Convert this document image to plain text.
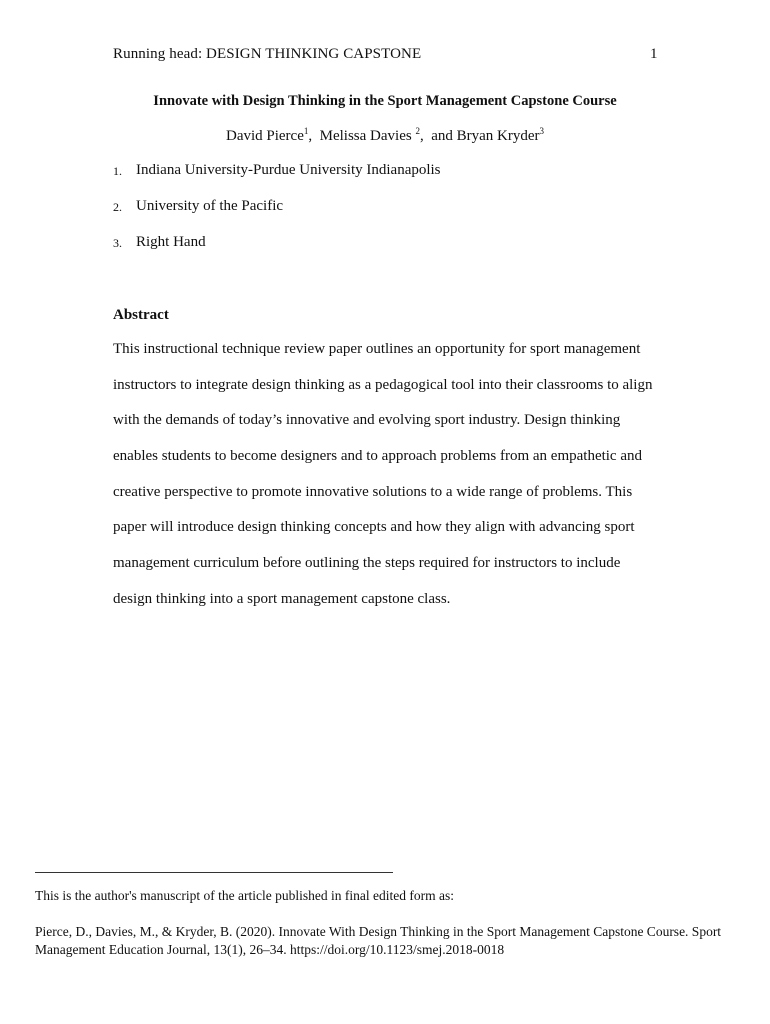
Running head: DESIGN THINKING CAPSTONE	1
Innovate with Design Thinking in the Sport Management Capstone Course
David Pierce$^1$,  Melissa Davies $^2$,  and Bryan Kryder$^3$
1. Indiana University-Purdue University Indianapolis
2. University of the Pacific
3. Right Hand
Abstract
This instructional technique review paper outlines an opportunity for sport management
instructors to integrate design thinking as a pedagogical tool into their classrooms to align
with the demands of today’s innovative and evolving sport industry. Design thinking
enables students to become designers and to approach problems from an empathetic and
creative perspective to promote innovative solutions to a wide range of problems. This
paper will introduce design thinking concepts and how they align with advancing sport
management curriculum before outlining the steps required for instructors to include
design thinking into a sport management capstone class.
This is the author's manuscript of the article published in final edited form as:
Pierce, D., Davies, M., & Kryder, B. (2020). Innovate With Design Thinking in the Sport Management Capstone Course. Sport
Management Education Journal, 13(1), 26–34. https://doi.org/10.1123/smej.2018-0018
